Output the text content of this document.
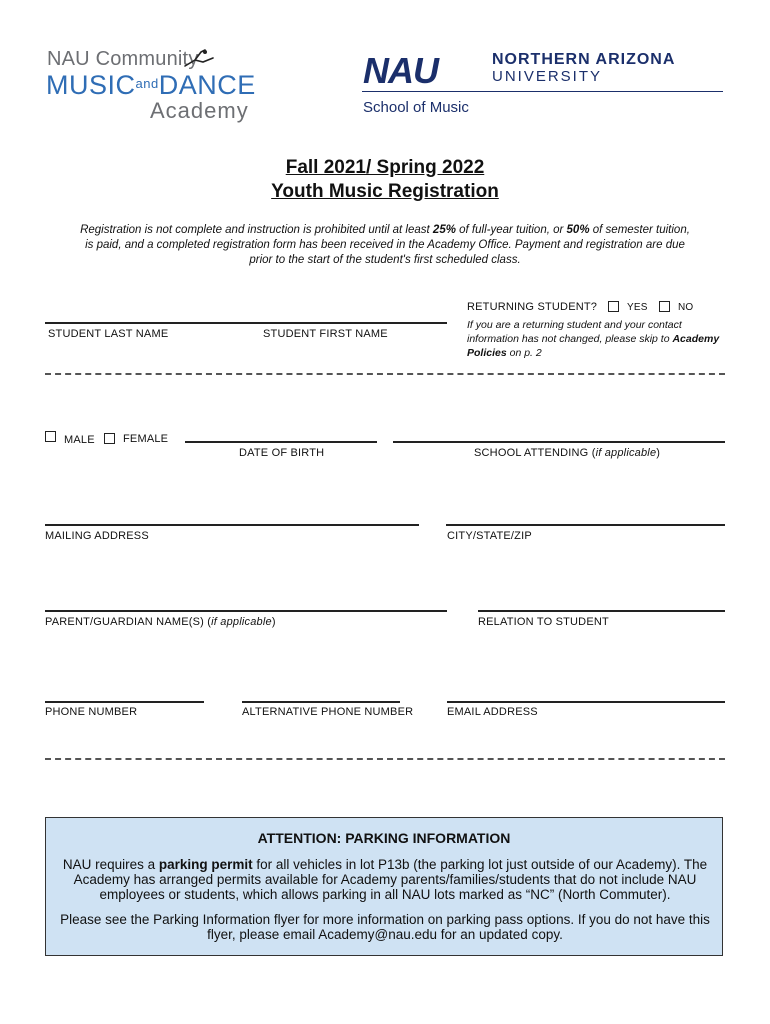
NAU Community
$MUSIC^{and}DANCE$
Academy
NAU	NORTHERN ARIZONA
UNIVERSITY
School of Music
Fall 2021/ Spring 2022
Youth Music Registration
Registration is not complete and instruction is prohibited until at least 25% of full-year tuition, or 50% of semester tuition, is paid, and a completed registration form has been received in the Academy Office. Payment and registration are due prior to the start of the student's first scheduled class.
RETURNING STUDENT?	YES	NO
If you are a returning student and your contact information has not changed, please skip to Academy Policies on p. 2
STUDENT LAST NAME	STUDENT FIRST NAME
MALE	FEMALE
DATE OF BIRTH	SCHOOL ATTENDING (if applicable)
MAILING ADDRESS	CITY/STATE/ZIP
PARENT/GUARDIAN NAME(S) (if applicable)	RELATION TO STUDENT
PHONE NUMBER	ALTERNATIVE PHONE NUMBER	EMAIL ADDRESS
ATTENTION: PARKING INFORMATION
NAU requires a parking permit for all vehicles in lot P13b (the parking lot just outside of our Academy). The Academy has arranged permits available for Academy parents/families/students that do not include NAU employees or students, which allows parking in all NAU lots marked as “NC” (North Commuter).
Please see the Parking Information flyer for more information on parking pass options. If you do not have this flyer, please email Academy@nau.edu for an updated copy.
